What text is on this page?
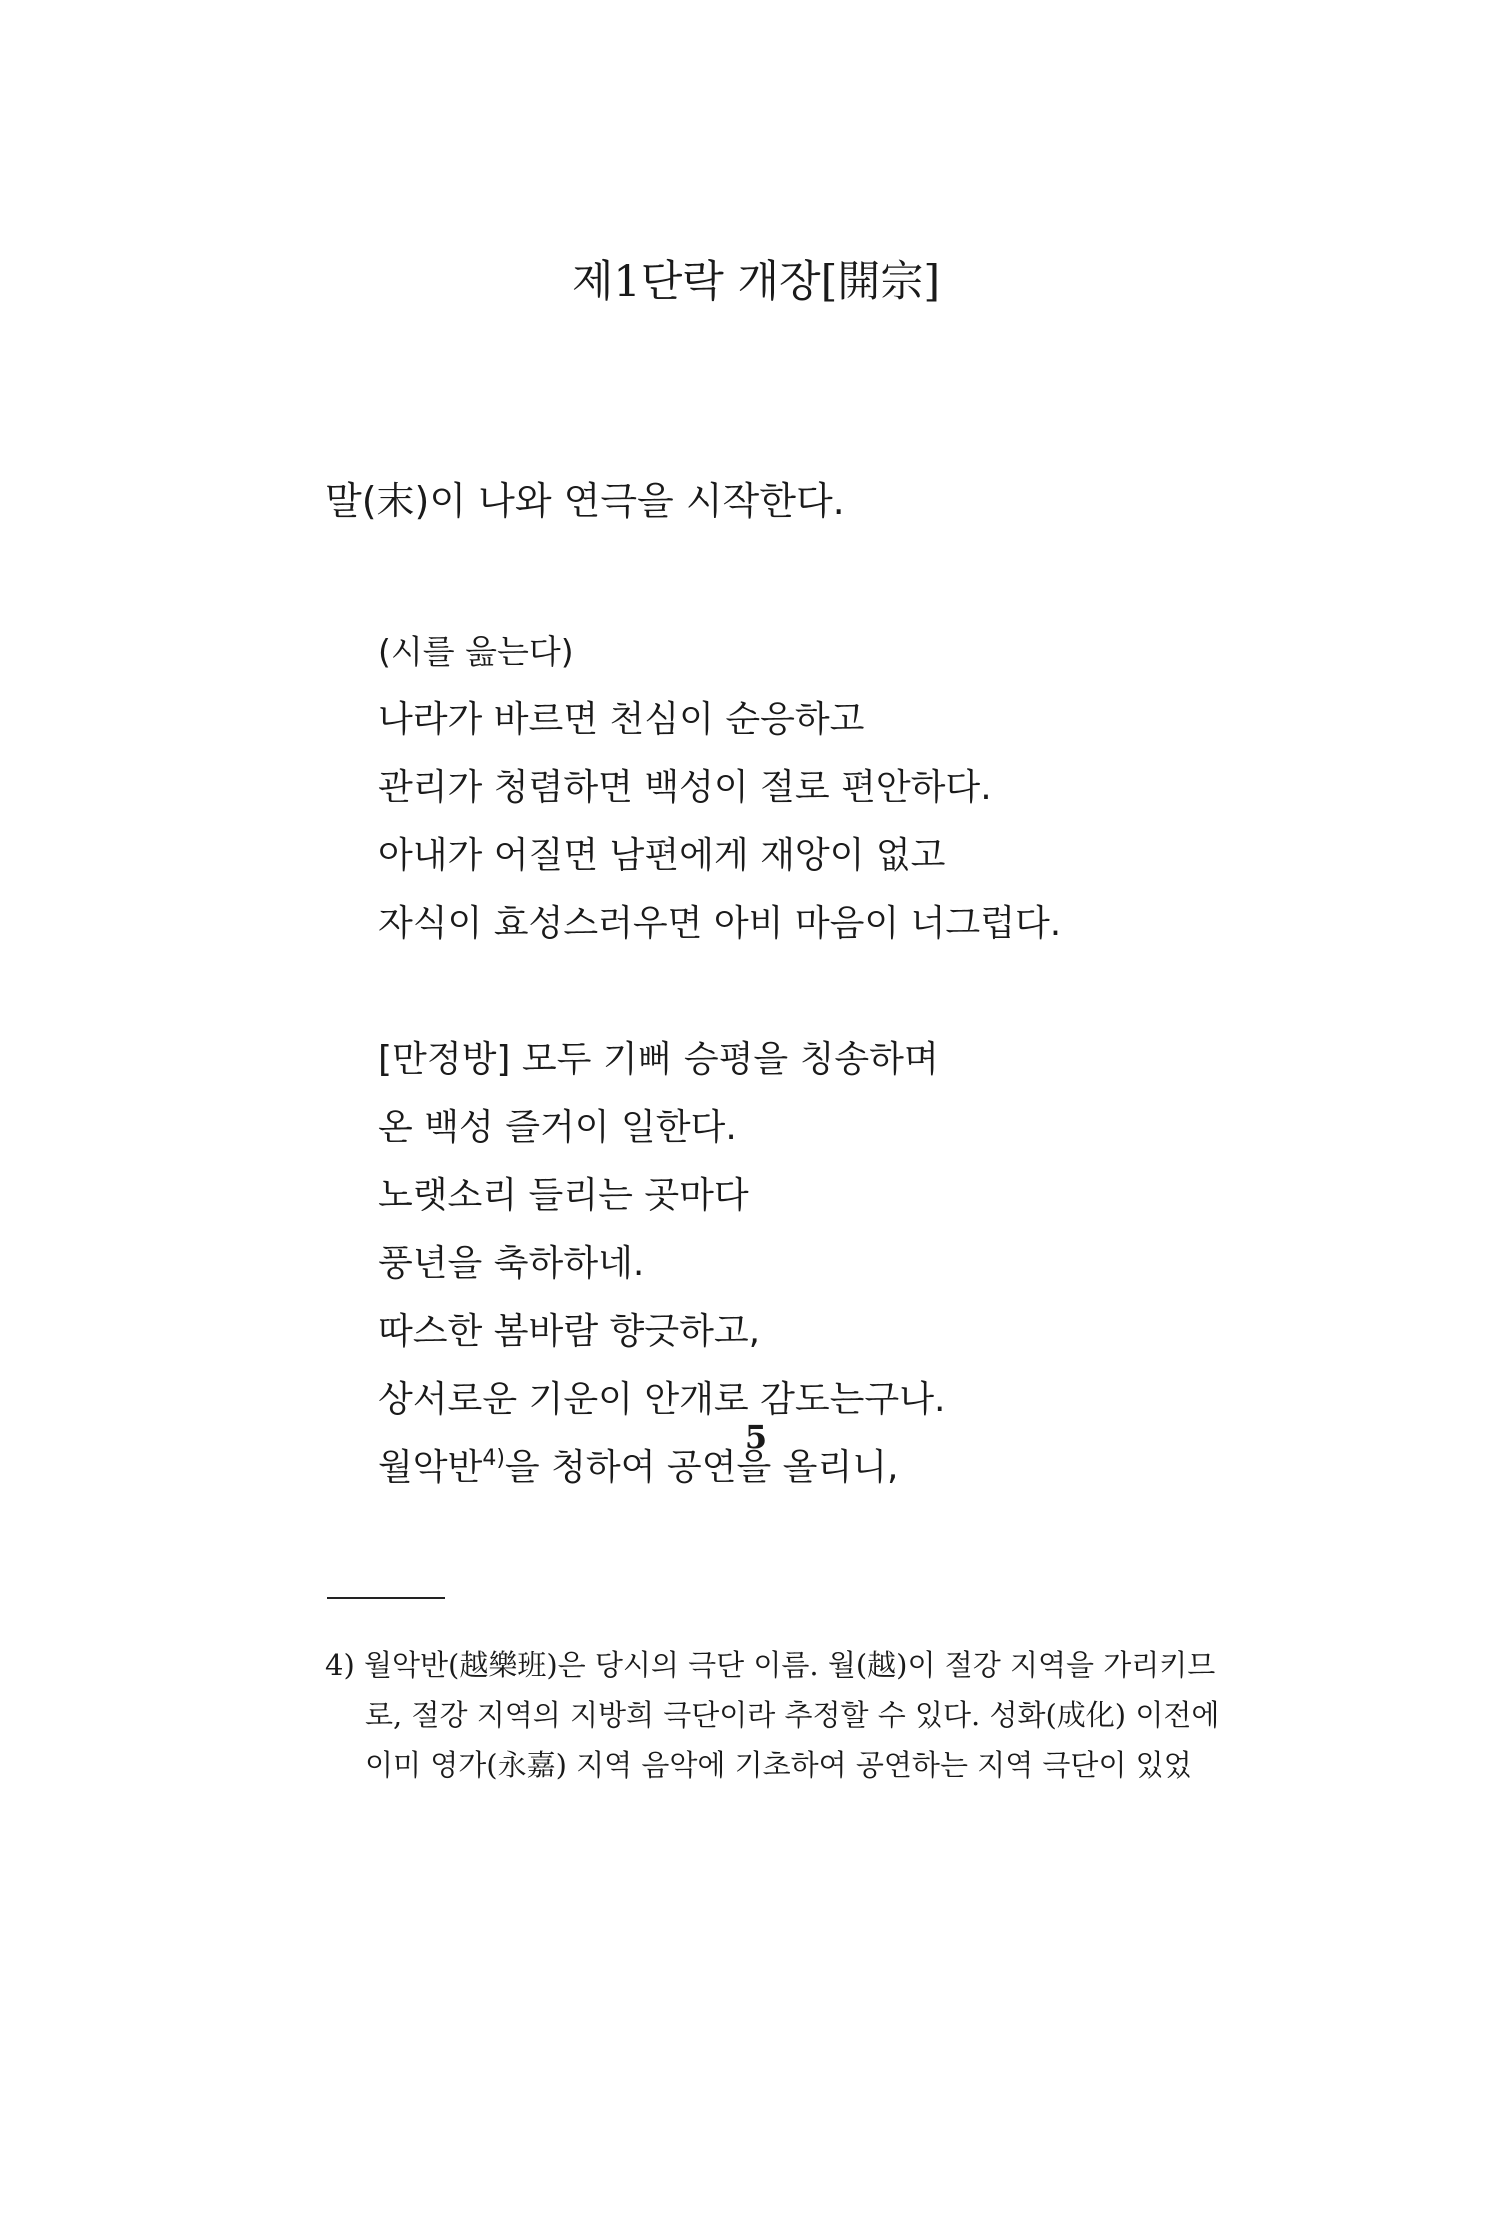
제1단락 개장[開宗]
말(末)이 나와 연극을 시작한다.
(시를 읊는다)
나라가 바르면 천심이 순응하고
관리가 청렴하면 백성이 절로 편안하다.
아내가 어질면 남편에게 재앙이 없고
자식이 효성스러우면 아비 마음이 너그럽다.
[만정방] 모두 기뻐 승평을 칭송하며
온 백성 즐거이 일한다.
노랫소리 들리는 곳마다
풍년을 축하하네.
따스한 봄바람 향긋하고,
상서로운 기운이 안개로 감도는구나.
월악반$^{4)}$을 청하여 공연을 올리니,
4) 월악반(越樂班)은 당시의 극단 이름. 월(越)이 절강 지역을 가리키므
로, 절강 지역의 지방희 극단이라 추정할 수 있다. 성화(成化) 이전에
이미 영가(永嘉) 지역 음악에 기초하여 공연하는 지역 극단이 있었
5
